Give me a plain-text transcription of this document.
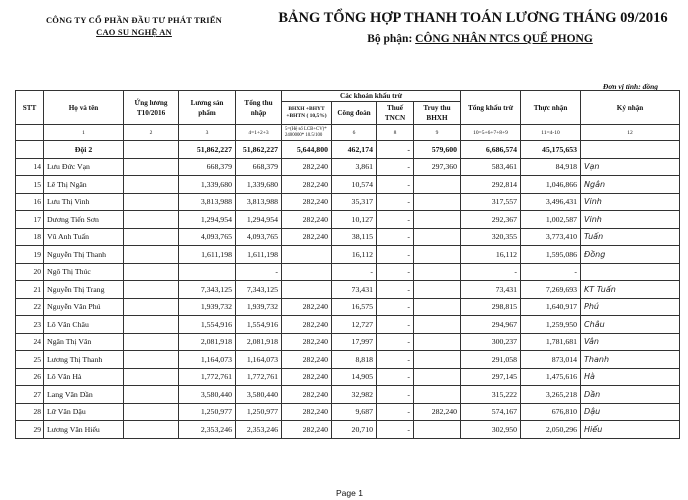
CÔNG TY CỔ PHẦN ĐẦU TƯ PHÁT TRIỂN
CAO SU NGHỆ AN
BẢNG TỔNG HỢP THANH TOÁN LƯƠNG THÁNG 09/2016
Bộ phận: CÔNG NHÂN NTCS QUẾ PHONG
Đơn vị tính: đồng
STT	Họ và tên	Ứng lương T10/2016	Lương sản phẩm	Tổng thu nhập	Các khoản khấu trừ				Tổng khấu trừ	Thực nhận	Ký nhận
					BHXH +BHYT +BHTN ( 10,5%)	Công đoàn	Thuế TNCN	Truy thu BHXH			
	1	2	3	4=1+2+3	5=(Hệ số LCB+CV)* 2400000* 10.5/100	6	8	9	10=5+6+7+8+9	11=4-10	12
	Đội 2		51,862,227	51,862,227	5,644,800	462,174	-	579,600	6,686,574	45,175,653	
14	Lưu Đức Vạn		668,379	668,379	282,240	3,861	-	297,360	583,461	84,918	Vạn
15	Lê Thị Ngân		1,339,680	1,339,680	282,240	10,574	-		292,814	1,046,866	Ngân
16	Lưu Thị Vinh		3,813,988	3,813,988	282,240	35,317	-		317,557	3,496,431	Vinh
17	Dương Tiến Sơn		1,294,954	1,294,954	282,240	10,127	-		292,367	1,002,587	Vinh
18	Vũ Anh Tuấn		4,093,765	4,093,765	282,240	38,115	-		320,355	3,773,410	Tuấn
19	Nguyễn Thị Thanh		1,611,198	1,611,198		16,112	-		16,112	1,595,086	Đồng
20	Ngô Thị Thúc			-		-	-		-	-	
21	Nguyễn Thị Trang		7,343,125	7,343,125		73,431	-		73,431	7,269,693	KT Tuấn
22	Nguyễn Văn Phú		1,939,732	1,939,732	282,240	16,575	-		298,815	1,640,917	Phú
23	Lô Văn Châu		1,554,916	1,554,916	282,240	12,727	-		294,967	1,259,950	Châu
24	Ngân Thị Vân		2,081,918	2,081,918	282,240	17,997	-		300,237	1,781,681	Vân
25	Lương Thị Thanh		1,164,073	1,164,073	282,240	8,818	-		291,058	873,014	Thanh
26	Lô Văn Hà		1,772,761	1,772,761	282,240	14,905	-		297,145	1,475,616	Hà
27	Lang Văn Dần		3,580,440	3,580,440	282,240	32,982	-		315,222	3,265,218	Dần
28	Lữ Văn Dậu		1,250,977	1,250,977	282,240	9,687	-	282,240	574,167	676,810	Dậu
29	Lương Văn Hiếu		2,353,246	2,353,246	282,240	20,710	-		302,950	2,050,296	Hiếu
Page 1
